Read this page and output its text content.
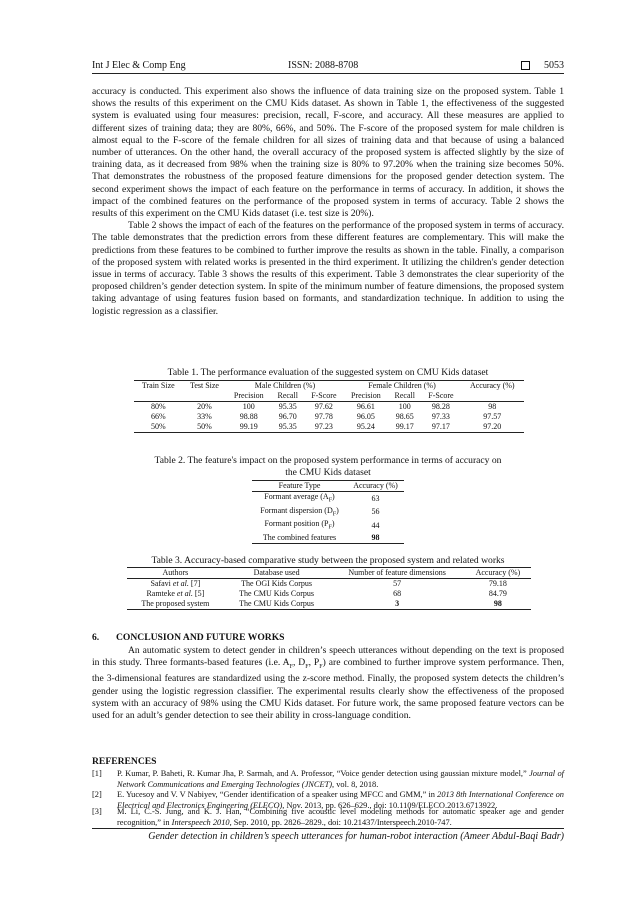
Int J Elec & Comp Eng	ISSN: 2088-8708	5053

accuracy is conducted. This experiment also shows the influence of data training size on the proposed system. Table 1 shows the results of this experiment on the CMU Kids dataset. As shown in Table 1, the effectiveness of the suggested system is evaluated using four measures: precision, recall, F-score, and accuracy. All these measures are applied to different sizes of training data; they are 80%, 66%, and 50%. The F-score of the proposed system for male children is almost equal to the F-score of the female children for all sizes of training data and that because of using a balanced number of utterances. On the other hand, the overall accuracy of the proposed system is affected slightly by the size of training data, as it decreased from 98% when the training size is 80% to 97.20% when the training size becomes 50%. That demonstrates the robustness of the proposed feature dimensions for the proposed gender detection system. The second experiment shows the impact of each feature on the performance in terms of accuracy. In addition, it shows the impact of the combined features on the performance of the proposed system in terms of accuracy. Table 2 shows the results of this experiment on the CMU Kids dataset (i.e. test size is 20%).

Table 2 shows the impact of each of the features on the performance of the proposed system in terms of accuracy. The table demonstrates that the prediction errors from these different features are complementary. This will make the predictions from these features to be combined to further improve the results as shown in the table. Finally, a comparison of the proposed system with related works is presented in the third experiment. It utilizing the children's gender detection issue in terms of accuracy. Table 3 shows the results of this experiment. Table 3 demonstrates the clear superiority of the proposed children’s gender detection system. In spite of the minimum number of feature dimensions, the proposed system taking advantage of using features fusion based on formants, and standardization technique. In addition to using the logistic regression as a classifier.

Table 1. The performance evaluation of the suggested system on CMU Kids dataset
Train Size	Test Size	Male Children (%)			Female Children (%)			Accuracy (%)
		Precision	Recall	F-Score	Precision	Recall	F-Score	
80%	20%	100	95.35	97.62	96.61	100	98.28	98
66%	33%	98.88	96.70	97.78	96.05	98.65	97.33	97.57
50%	50%	99.19	95.35	97.23	95.24	99.17	97.17	97.20
Table 2. The feature's impact on the proposed system performance in terms of accuracy on
the CMU Kids dataset
Feature Type	Accuracy (%)
Formant average $(A_F)$	63
Formant dispersion $(D_F)$	56
Formant position $(P_F)$	44
The combined features	98
Table 3. Accuracy-based comparative study between the proposed system and related works
Authors	Database used	Number of feature dimensions	Accuracy (%)
Safavi et al. [7]	The OGI Kids Corpus	57	79.18
Ramteke et al. [5]	The CMU Kids Corpus	68	84.79
The proposed system	The CMU Kids Corpus	3	98
6.       CONCLUSION AND FUTURE WORKS

An automatic system to detect gender in children’s speech utterances without depending on the text is proposed in this study. Three formants-based features (i.e. $A_F$, $D_F$, $P_F$) are combined to further improve system performance. Then, the 3-dimensional features are standardized using the z-score method. Finally, the proposed system detects the children’s gender using the logistic regression classifier. The experimental results clearly show the effectiveness of the proposed system with an accuracy of 98% using the CMU Kids dataset. For future work, the same proposed feature vectors can be used for an adult’s gender detection to see their ability in cross-language condition.

REFERENCES
[1] P. Kumar, P. Baheti, R. Kumar Jha, P. Sarmah, and A. Professor, “Voice gender detection using gaussian mixture model,” Journal of Network Communications and Emerging Technologies (JNCET), vol. 8, 2018.
[2] E. Yucesoy and V. V Nabiyev, “Gender identification of a speaker using MFCC and GMM,” in 2013 8th International Conference on Electrical and Electronics Engineering (ELECO), Nov. 2013, pp. 626–629., doi: 10.1109/ELECO.2013.6713922.
[3] M. Li, C.-S. Jung, and K. J. Han, “Combining five acoustic level modeling methods for automatic speaker age and gender recognition,” in Interspeech 2010, Sep. 2010, pp. 2826–2829., doi: 10.21437/Interspeech.2010-747.
Gender detection in children’s speech utterances for human-robot interaction (Ameer Abdul-Baqi Badr)
